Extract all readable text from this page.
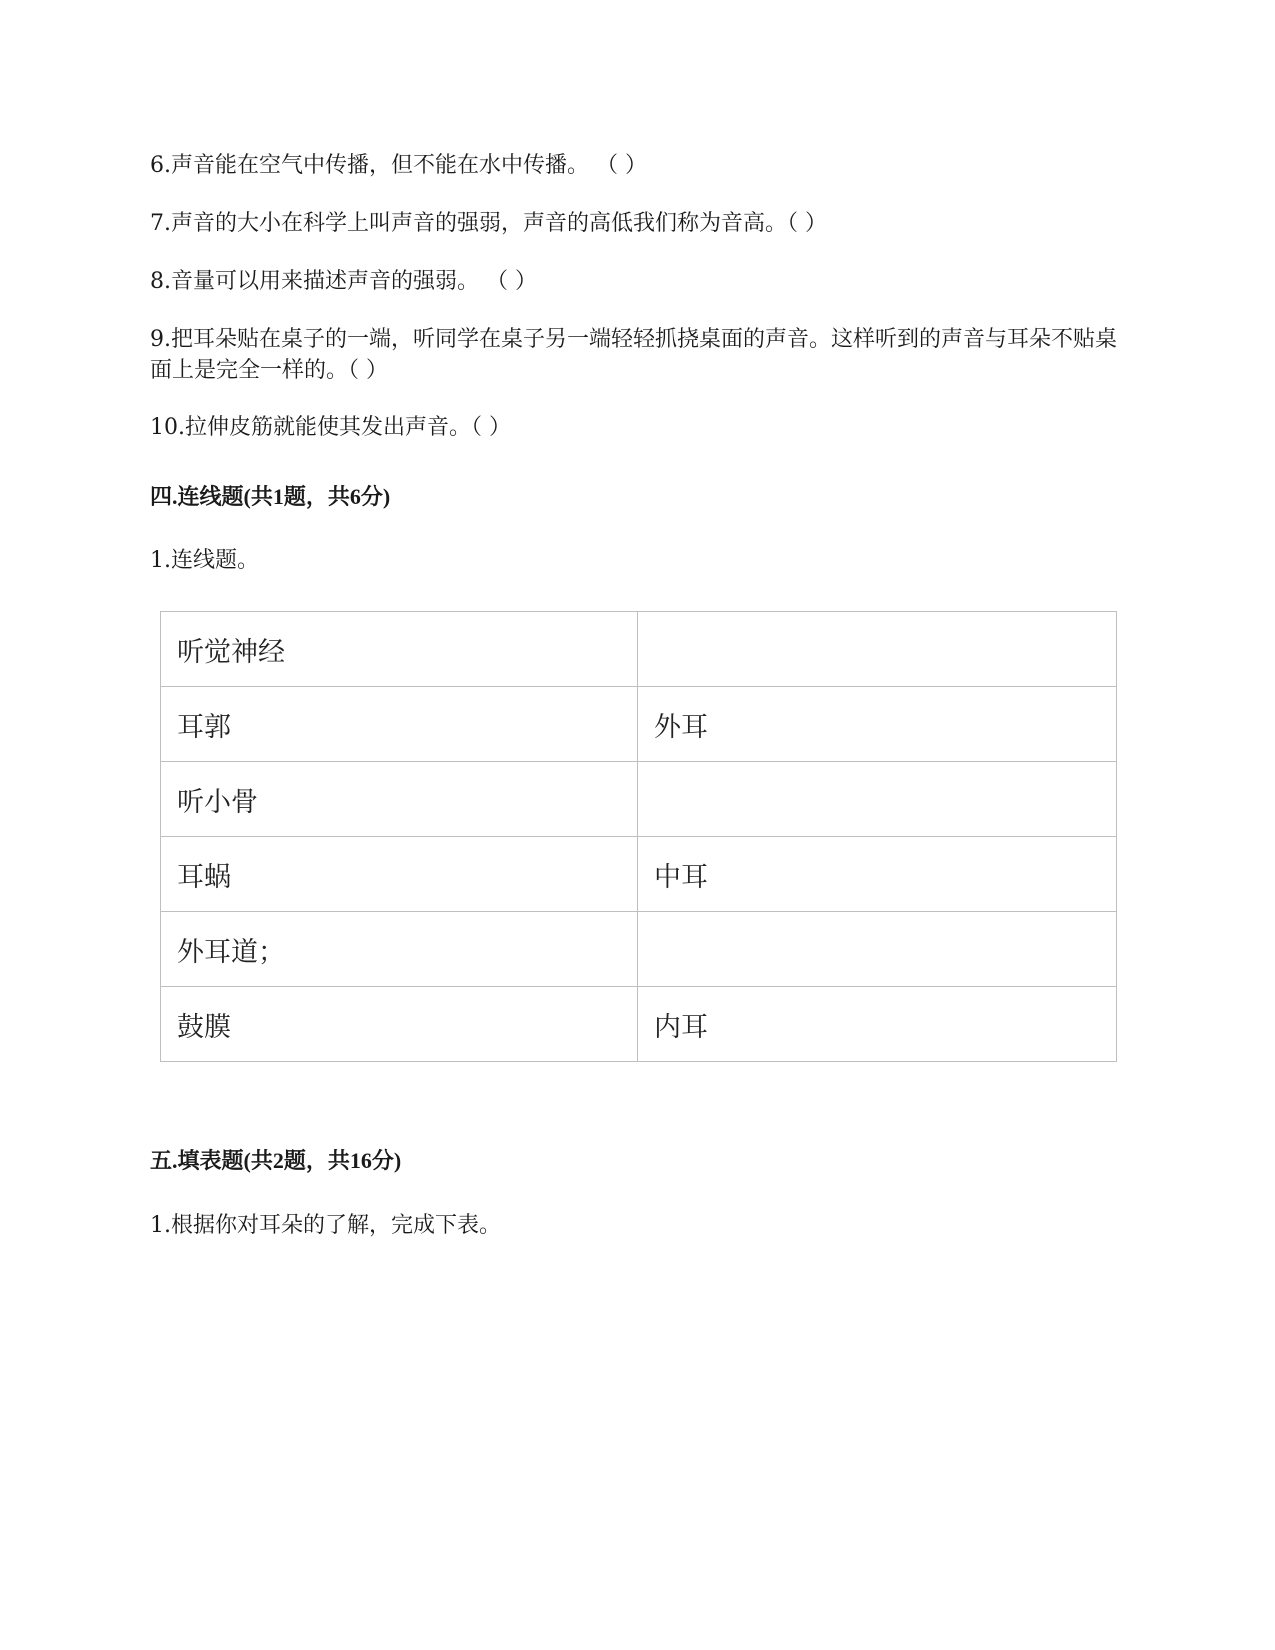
6.声音能在空气中传播，但不能在水中传播。 （ ）

7.声音的大小在科学上叫声音的强弱，声音的高低我们称为音高。（ ）

8.音量可以用来描述声音的强弱。 （ ）

9.把耳朵贴在桌子的一端，听同学在桌子另一端轻轻抓挠桌面的声音。这样听到的声音与耳朵不贴桌面上是完全一样的。（ ）

10.拉伸皮筋就能使其发出声音。（ ）

四.连线题(共1题，共6分)

1.连线题。

听觉神经	
耳郭	外耳
听小骨	
耳蜗	中耳
外耳道；	
鼓膜	内耳
五.填表题(共2题，共16分)

1.根据你对耳朵的了解，完成下表。
